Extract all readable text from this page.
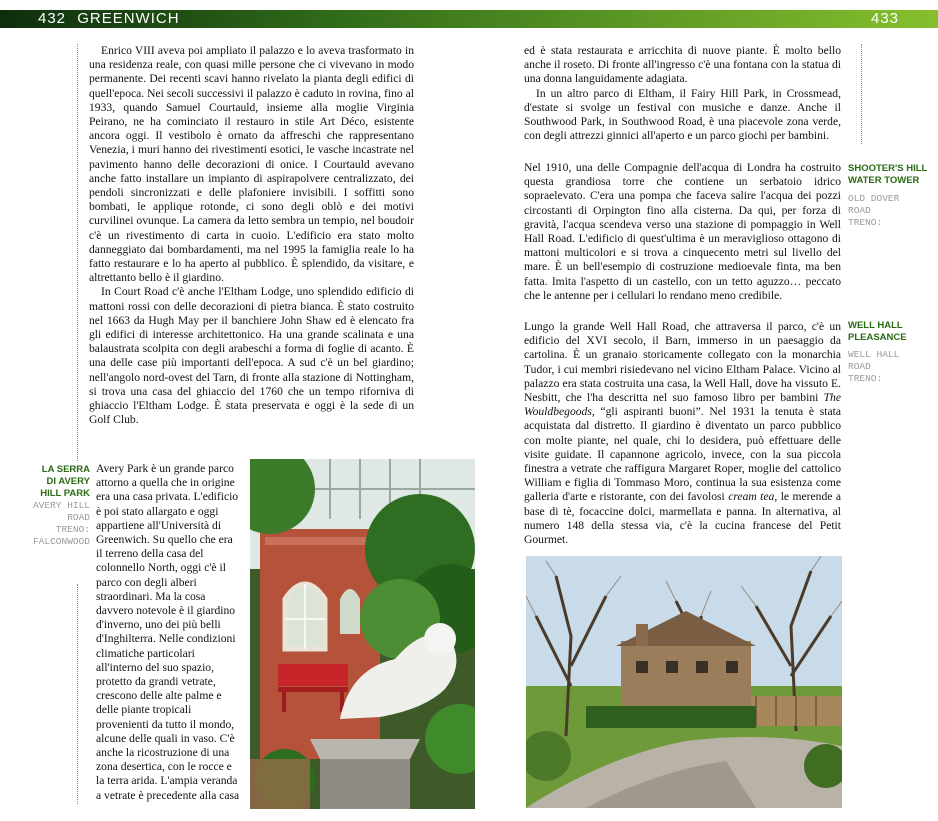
432 GREENWICH	433

Enrico VIII aveva poi ampliato il palazzo e lo aveva trasformato in una residenza reale, con quasi mille persone che ci vivevano in modo permanente. Dei recenti scavi hanno rivelato la pianta degli edifici di quell'epoca. Nei secoli successivi il palazzo è caduto in rovina, fino al 1933, quando Samuel Courtauld, insieme alla moglie Virginia Peirano, ne ha cominciato il restauro in stile Art Déco, esistente ancora oggi. Il vestibolo è ornato da affreschi che rappresentano Venezia, i muri hanno dei rivestimenti esotici, le vasche incastrate nel pavimento hanno delle decorazioni di onice. I Courtauld avevano anche fatto installare un impianto di aspirapolvere centralizzato, dei pendoli sincronizzati e delle plafoniere invisibili. I soffitti sono bombati, le applique rotonde, ci sono degli oblò e dei motivi curvilinei ovunque. La camera da letto sembra un tempio, nel boudoir c'è un rivestimento di carta in cuoio. L'edificio era stato molto danneggiato dai bombardamenti, ma nel 1995 la famiglia reale lo ha fatto restaurare e lo ha aperto al pubblico. È splendido, da visitare, e altrettanto bello è il giardino.

In Court Road c'è anche l'Eltham Lodge, uno splendido edificio di mattoni rossi con delle decorazioni di pietra bianca. È stato costruito nel 1663 da Hugh May per il banchiere John Shaw ed è elencato fra gli edifici di interesse architettonico. Ha una grande scalinata e una balaustrata scolpita con degli arabeschi a forma di foglie di acanto. È una delle case più importanti dell'epoca. A sud c'è un bel giardino; nell'angolo nord-ovest del Tarn, di fronte alla stazione di Nottingham, si trova una casa del ghiaccio del 1760 che un tempo riforniva di ghiaccio l'Eltham Lodge. È stata preservata e oggi è la sede di un Golf Club.

LA SERRA
DI AVERY
HILL PARK
AVERY HILL
ROAD
TRENO:
FALCONWOOD

Avery Park è un grande parco attorno a quella che in origine era una casa privata. L'edificio è poi stato allargato e oggi appartiene all'Università di Greenwich. Su quello che era il terreno della casa del colonnello North, oggi c'è il parco con degli alberi straordinari. Ma la cosa davvero notevole è il giardino d'inverno, uno dei più belli d'Inghilterra. Nelle condizioni climatiche particolari all'interno del suo spazio, protetto da grandi vetrate, crescono delle alte palme e delle piante tropicali provenienti da tutto il mondo, alcune delle quali in vaso. C'è anche la ricostruzione di una zona desertica, con le rocce e la terra arida. L'ampia veranda a vetrate è precedente alla casa

ed è stata restaurata e arricchita di nuove piante. È molto bello anche il roseto. Di fronte all'ingresso c'è una fontana con la statua di una donna languidamente adagiata.

In un altro parco di Eltham, il Fairy Hill Park, in Crossmead, d'estate si svolge un festival con musiche e danze. Anche il Southwood Park, in Southwood Road, è una piacevole zona verde, con degli attrezzi ginnici all'aperto e un parco giochi per bambini.

Nel 1910, una delle Compagnie dell'acqua di Londra ha costruito questa grandiosa torre che contiene un serbatoio idrico sopraelevato. C'era una pompa che faceva salire l'acqua dei pozzi circostanti di Orpington fino alla cisterna. Da qui, per forza di gravità, l'acqua scendeva verso una stazione di pompaggio in Well Hall Road. L'edificio di quest'ultima è un meraviglioso ottagono di mattoni multicolori e si trova a cinquecento metri sul livello del mare. È un bell'esempio di costruzione medioevale finta, ma ben fatta. Imita l'aspetto di un castello, con un tetto aguzzo… peccato che le antenne per i cellulari lo rendano meno credibile.

SHOOTER'S HILL
WATER TOWER
OLD DOVER
ROAD
TRENO:

Lungo la grande Well Hall Road, che attraversa il parco, c'è un edificio del XVI secolo, il Barn, immerso in un paesaggio da cartolina. È un granaio storicamente collegato con la monarchia Tudor, i cui membri risiedevano nel vicino Eltham Palace. Vicino al palazzo era stata costruita una casa, la Well Hall, dove ha vissuto E. Nesbitt, che l'ha descritta nel suo famoso libro per bambini The Wouldbegoods, “gli aspiranti buoni”. Nel 1931 la tenuta è stata acquistata dal distretto. Il giardino è diventato un parco pubblico con molte piante, nel quale, chi lo desidera, può effettuare delle visite guidate. Il capannone agricolo, invece, con la sua piccola finestra a vetrate che raffigura Margaret Roper, moglie del cattolico William e figlia di Tommaso Moro, continua la sua esistenza come galleria d'arte e ristorante, con dei favolosi cream tea, le merende a base di tè, focaccine dolci, marmellata e panna. In alternativa, al numero 148 della stessa via, c'è la cucina francese del Petit Gourmet.

WELL HALL
PLEASANCE
WELL HALL
ROAD
TRENO:
